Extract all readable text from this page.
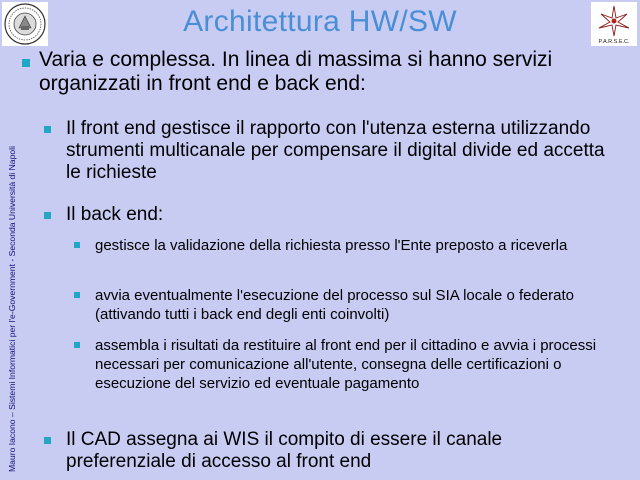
Architettura HW/SW
P.A.R.S.E.C.
Mauro Iacono – Sistemi Informatici per l'e-Government - Seconda Università di Napoli
Varia e complessa. In linea di massima si hanno servizi organizzati in front end e back end:
Il front end gestisce il rapporto con l'utenza esterna utilizzando strumenti multicanale per compensare il digital divide ed accetta le richieste
Il back end:
gestisce la validazione della richiesta presso l'Ente preposto a riceverla
avvia eventualmente l'esecuzione del processo sul SIA locale o federato (attivando tutti i back end degli enti coinvolti)
assembla i risultati da restituire al front end per il cittadino e avvia i processi necessari per comunicazione all'utente, consegna delle certificazioni o esecuzione del servizio ed eventuale pagamento
Il CAD assegna ai WIS il compito di essere il canale preferenziale di accesso al front end
